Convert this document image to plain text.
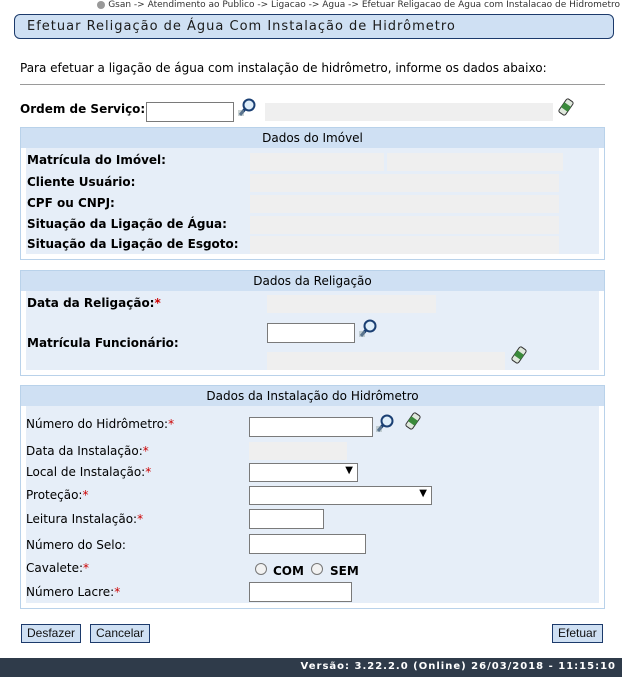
Gsan -> Atendimento ao Publico -> Ligacao -> Agua -> Efetuar Religacao de Agua com Instalacao de Hidrometro
Efetuar Religação de Água Com Instalação de Hidrômetro
Para efetuar a ligação de água com instalação de hidrômetro, informe os dados abaixo:
Ordem de Serviço:
Dados do Imóvel
Matrícula do Imóvel:
Cliente Usuário:
CPF ou CNPJ:
Situação da Ligação de Água:
Situação da Ligação de Esgoto:
Dados da Religação
Data da Religação:*
Matrícula Funcionário:
Dados da Instalação do Hidrômetro
Número do Hidrômetro:*
Data da Instalação:*
Local de Instalação:*	▼
Proteção:*	▼
Leitura Instalação:*
Número do Selo:
Cavalete:*	COM SEM
Número Lacre:*
Desfazer	Cancelar	Efetuar
Versão: 3.22.2.0 (Online) 26/03/2018 - 11:15:10
